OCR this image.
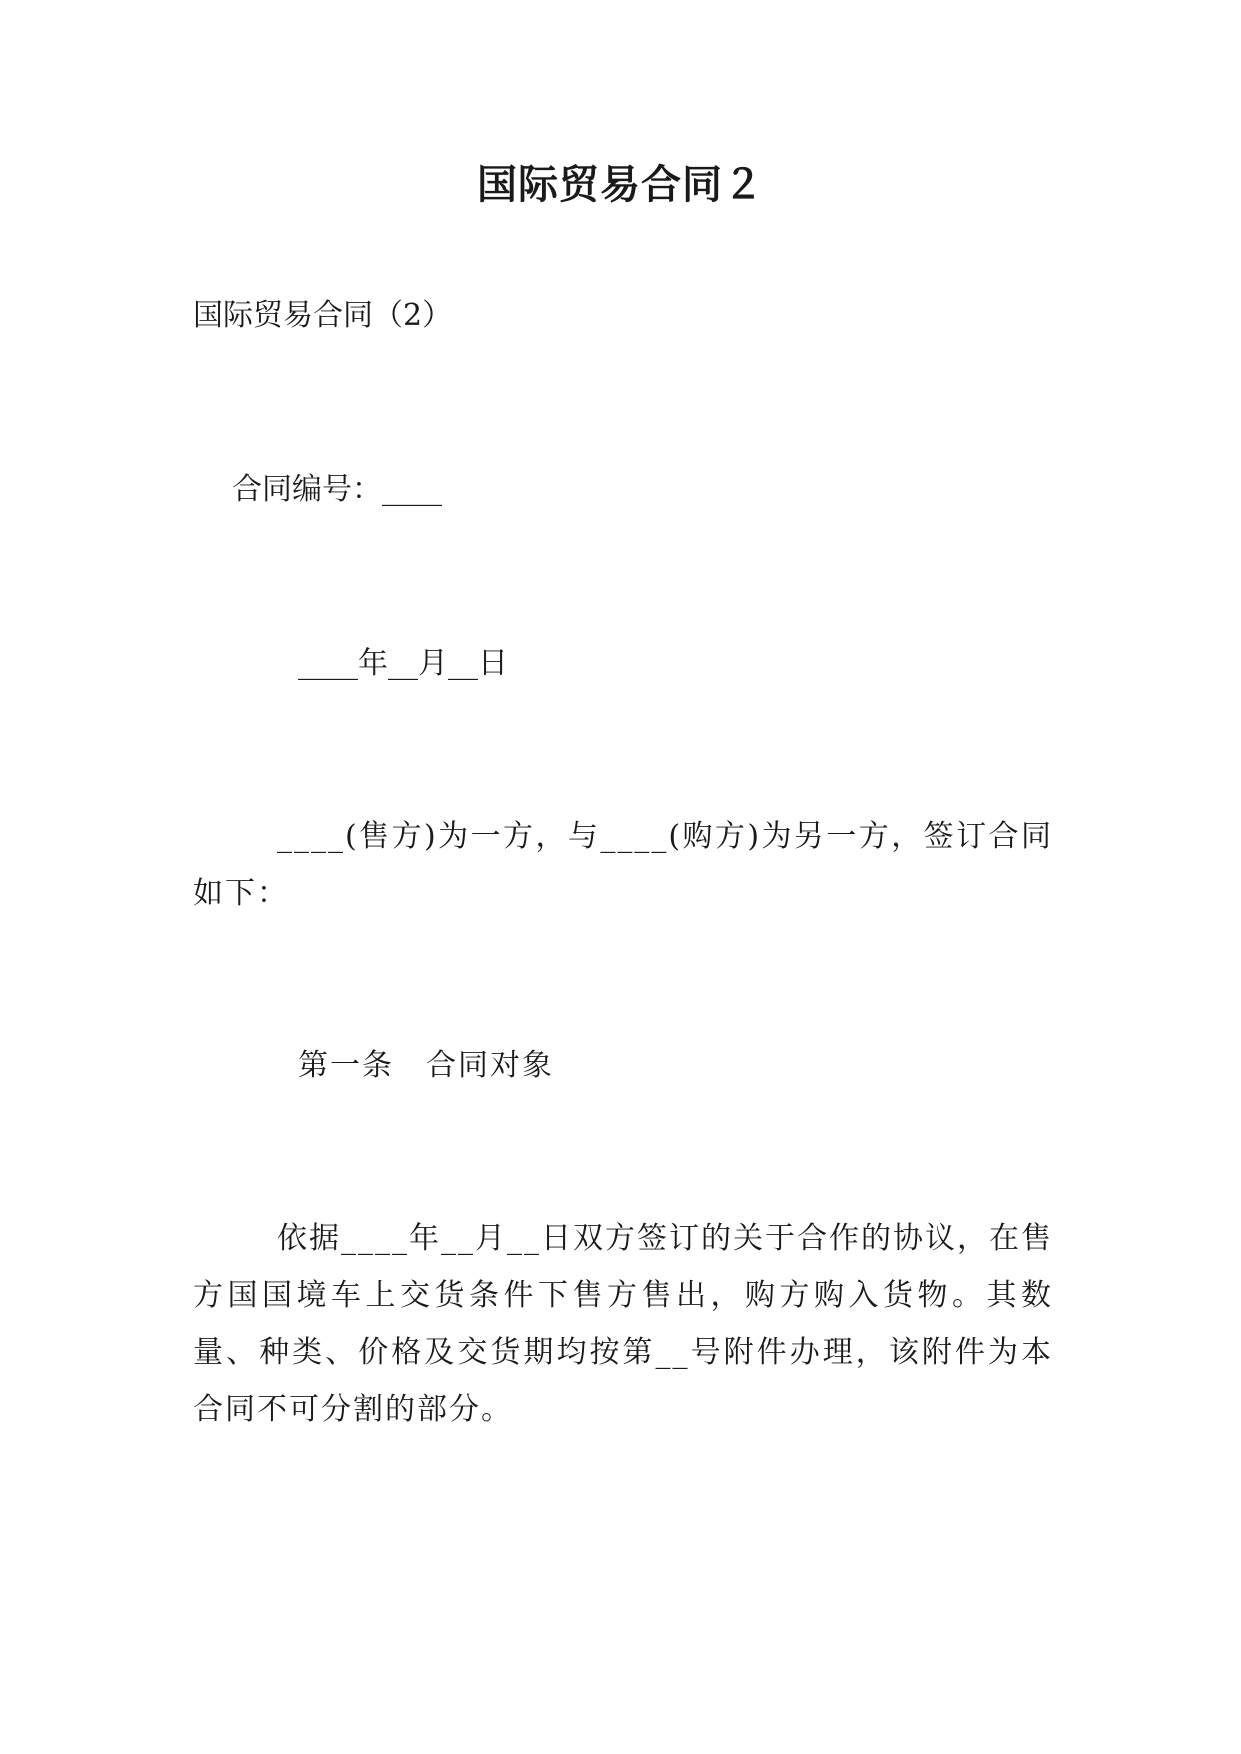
国际贸易合同２
国际贸易合同（2）
合同编号：____
____年__月__日

____(售方)为一方，与____(购方)为另一方，签订合同如下：

第一条　合同对象

依据____年__月__日双方签订的关于合作的协议，在售方国国境车上交货条件下售方售出，购方购入货物。其数量、种类、价格及交货期均按第__号附件办理，该附件为本合同不可分割的部分。
